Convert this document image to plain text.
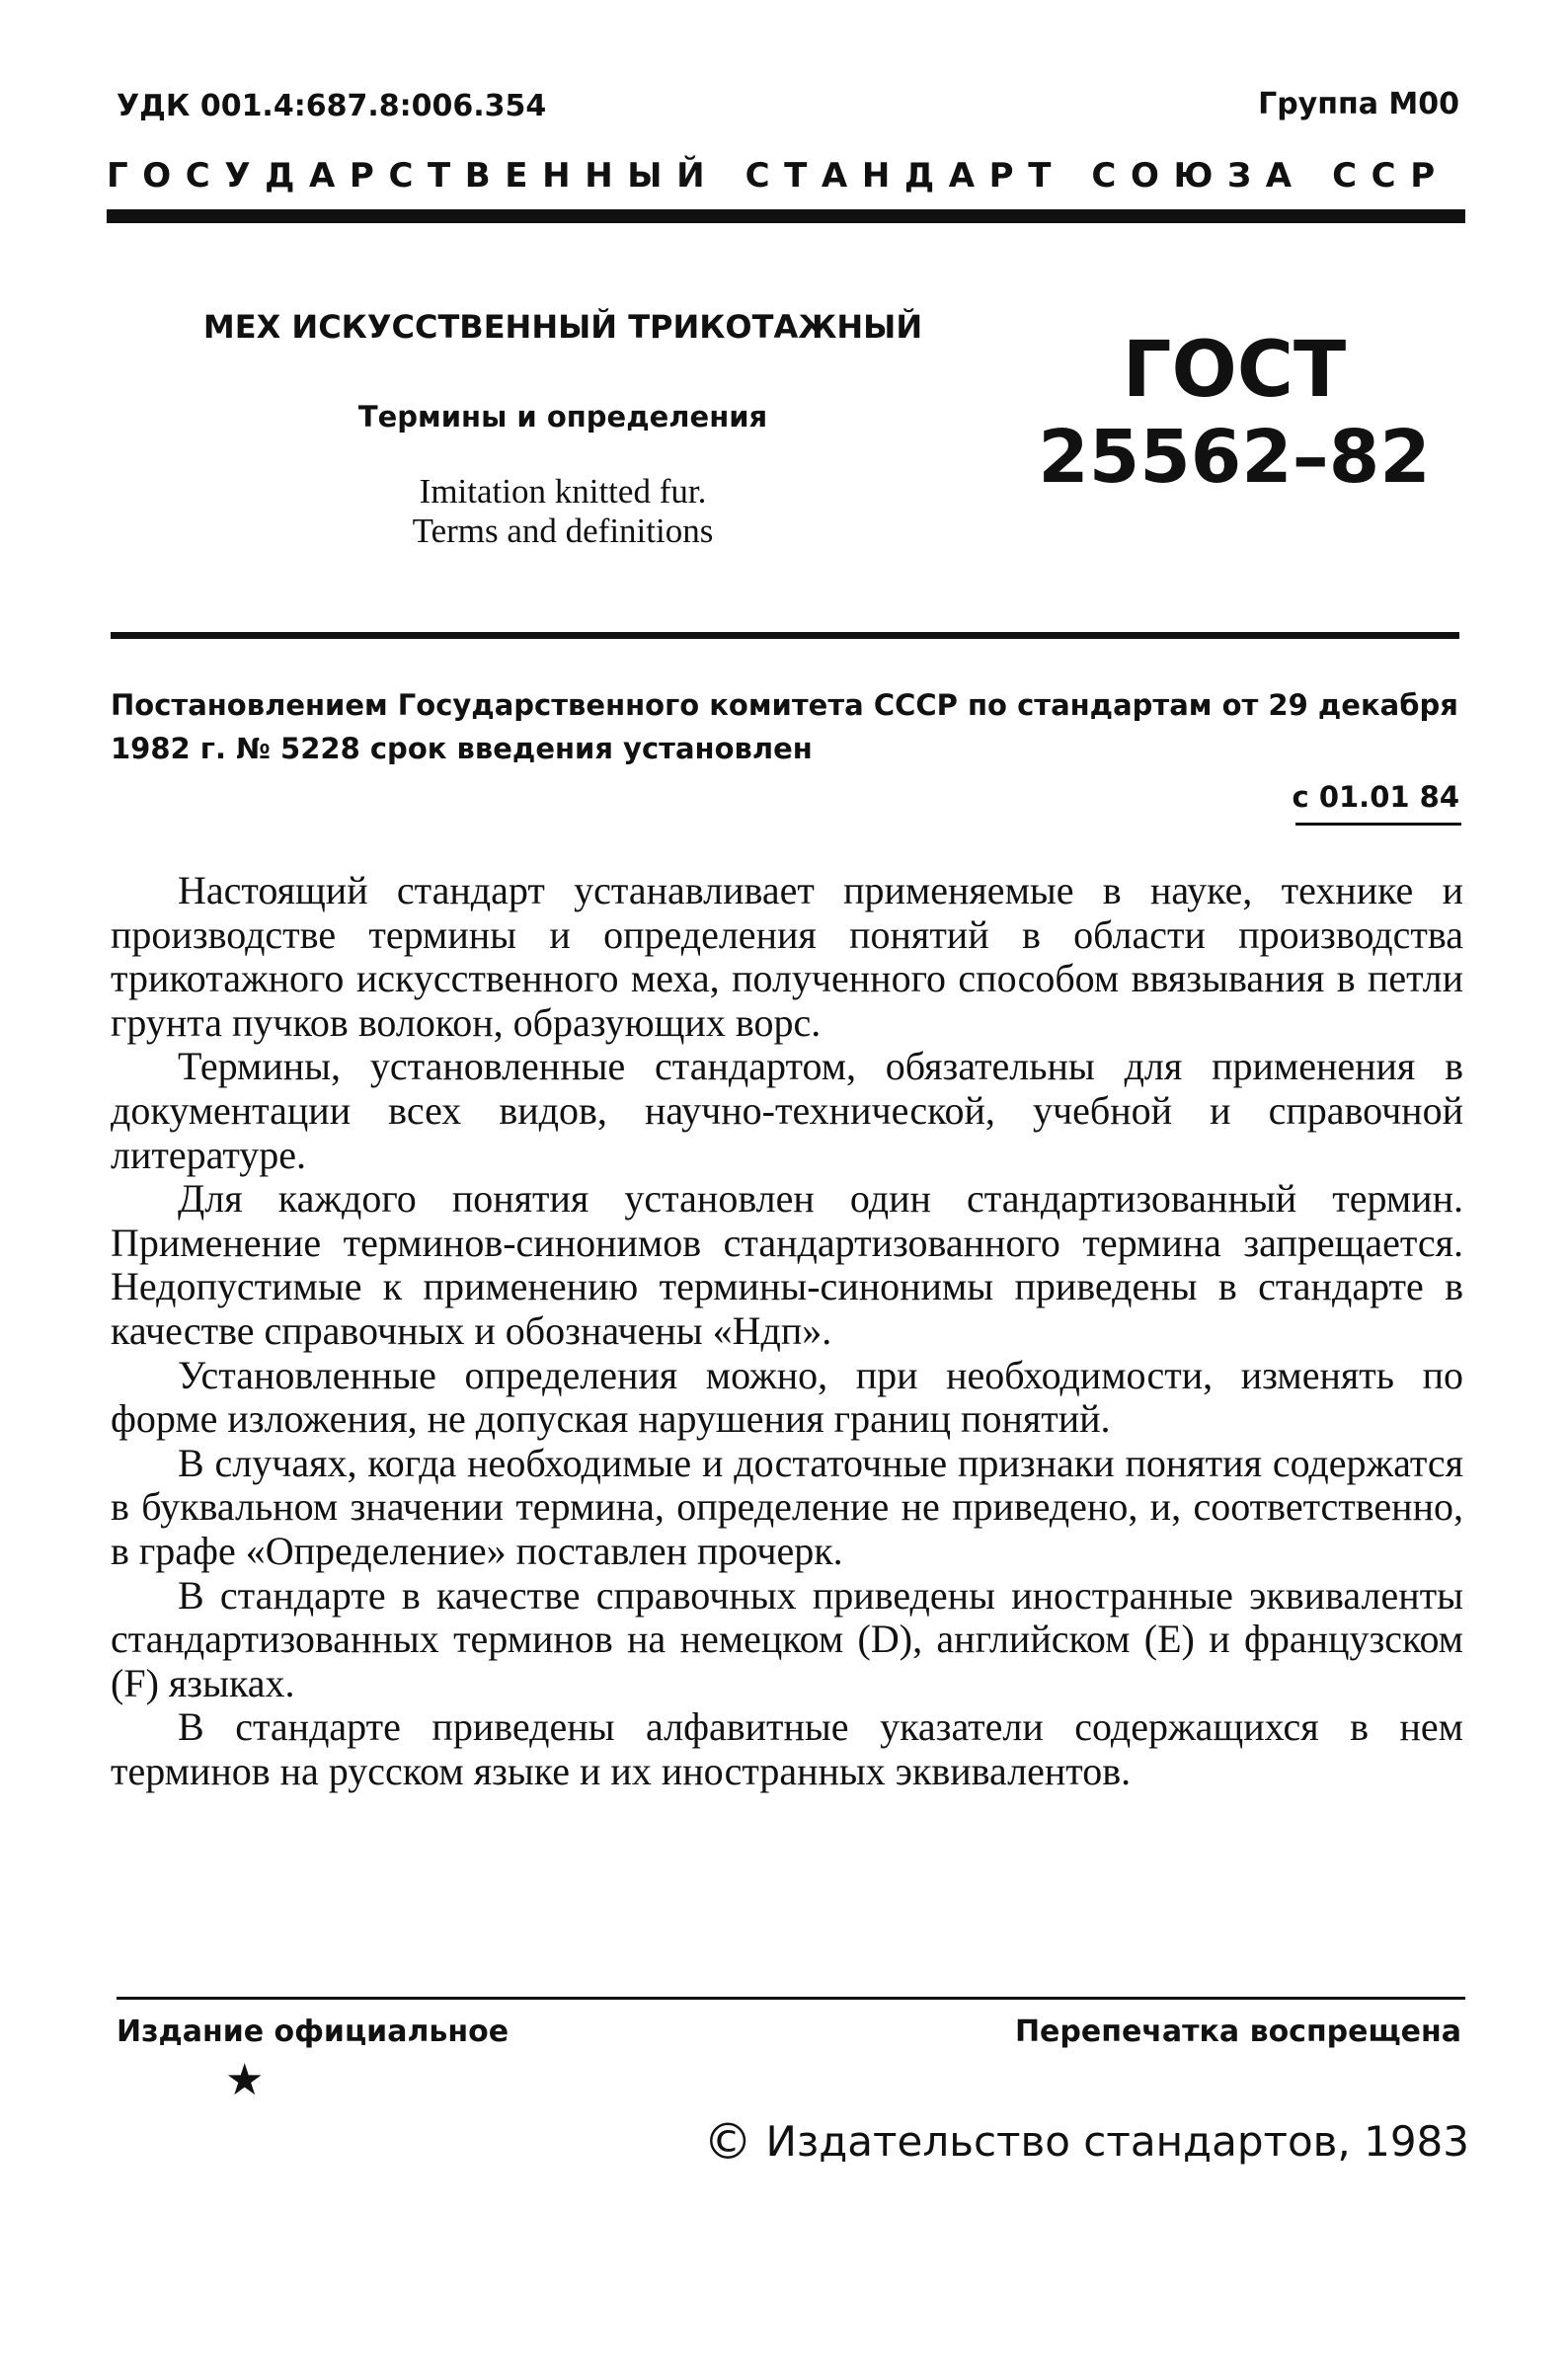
УДК 001.4:687.8:006.354	Группа М00
ГОСУДАРСТВЕННЫЙ СТАНДАРТ СОЮЗА ССР
МЕХ ИСКУССТВЕННЫЙ ТРИКОТАЖНЫЙ
Термины и определения
Imitation knitted fur.
Terms and definitions
ГОСТ
25562–82
Постановлением Государственного комитета СССР по стандартам от 29 декабря 1982 г. № 5228 срок введения установлен
с 01.01 84

Настоящий стандарт устанавливает применяемые в науке, технике и производстве термины и определения понятий в области производства трикотажного искусственного меха, полученного способом ввязывания в петли грунта пучков волокон, образующих ворс.

Термины, установленные стандартом, обязательны для применения в документации всех видов, научно-технической, учебной и справочной литературе.

Для каждого понятия установлен один стандартизованный термин. Применение терминов-синонимов стандартизованного термина запрещается. Недопустимые к применению термины-синонимы приведены в стандарте в качестве справочных и обозначены «Ндп».

Установленные определения можно, при необходимости, изменять по форме изложения, не допуская нарушения границ понятий.

В случаях, когда необходимые и достаточные признаки понятия содержатся в буквальном значении термина, определение не приведено, и, соответственно, в графе «Определение» поставлен прочерк.

В стандарте в качестве справочных приведены иностранные эквиваленты стандартизованных терминов на немецком (D), английском (E) и французском (F) языках.

В стандарте приведены алфавитные указатели содержащихся в нем терминов на русском языке и их иностранных эквивалентов.

Издание официальное	Перепечатка воспрещена
★
© Издательство стандартов, 1983
